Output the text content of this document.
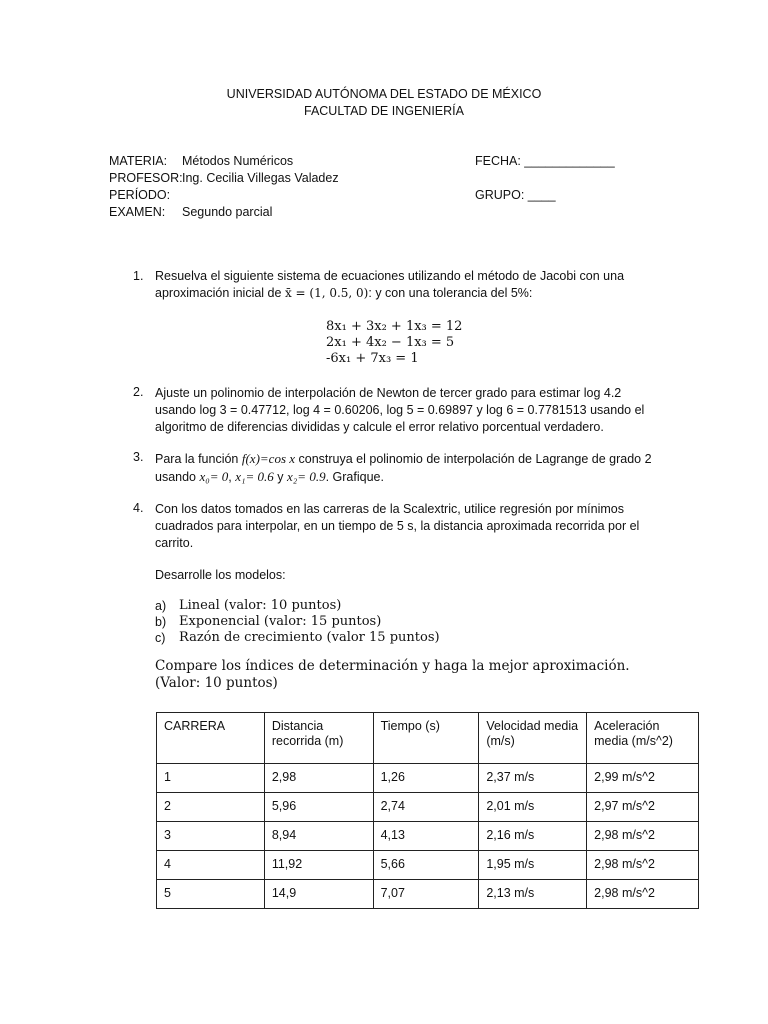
UNIVERSIDAD AUTÓNOMA DEL ESTADO DE MÉXICO
FACULTAD DE INGENIERÍA
MATERIA: Métodos Numéricos	FECHA: _____________
PROFESOR: Ing. Cecilia Villegas Valadez
PERÍODO:	GRUPO: ____
EXAMEN: Segundo parcial
1. Resuelva el siguiente sistema de ecuaciones utilizando el método de Jacobi con una
aproximación inicial de x̄ = (1, 0.5, 0): y con una tolerancia del 5%:
8x₁ + 3x₂ + 1x₃ = 12
2x₁ + 4x₂ − 1x₃ = 5
-6x₁ + 7x₃ = 1
2. Ajuste un polinomio de interpolación de Newton de tercer grado para estimar log 4.2 usando log 3 = 0.47712, log 4 = 0.60206, log 5 = 0.69897 y log 6 = 0.7781513 usando el algoritmo de diferencias divididas y calcule el error relativo porcentual verdadero.
3. Para la función f(x)=cos x construya el polinomio de interpolación de Lagrange de grado 2 usando x₀= 0, x₁= 0.6 y x₂= 0.9. Grafique.
4. Con los datos tomados en las carreras de la Scalextric, utilice regresión por mínimos cuadrados para interpolar, en un tiempo de 5 s, la distancia aproximada recorrida por el carrito.
Desarrolle los modelos:
a) Lineal (valor: 10 puntos)
b) Exponencial (valor: 15 puntos)
c) Razón de crecimiento (valor 15 puntos)
Compare los índices de determinación y haga la mejor aproximación. (Valor: 10 puntos)
CARRERA	Distancia recorrida (m)	Tiempo (s)	Velocidad media (m/s)	Aceleración media (m/s^2)
1	2,98	1,26	2,37 m/s	2,99 m/s^2
2	5,96	2,74	2,01 m/s	2,97 m/s^2
3	8,94	4,13	2,16 m/s	2,98 m/s^2
4	11,92	5,66	1,95 m/s	2,98 m/s^2
5	14,9	7,07	2,13 m/s	2,98 m/s^2
